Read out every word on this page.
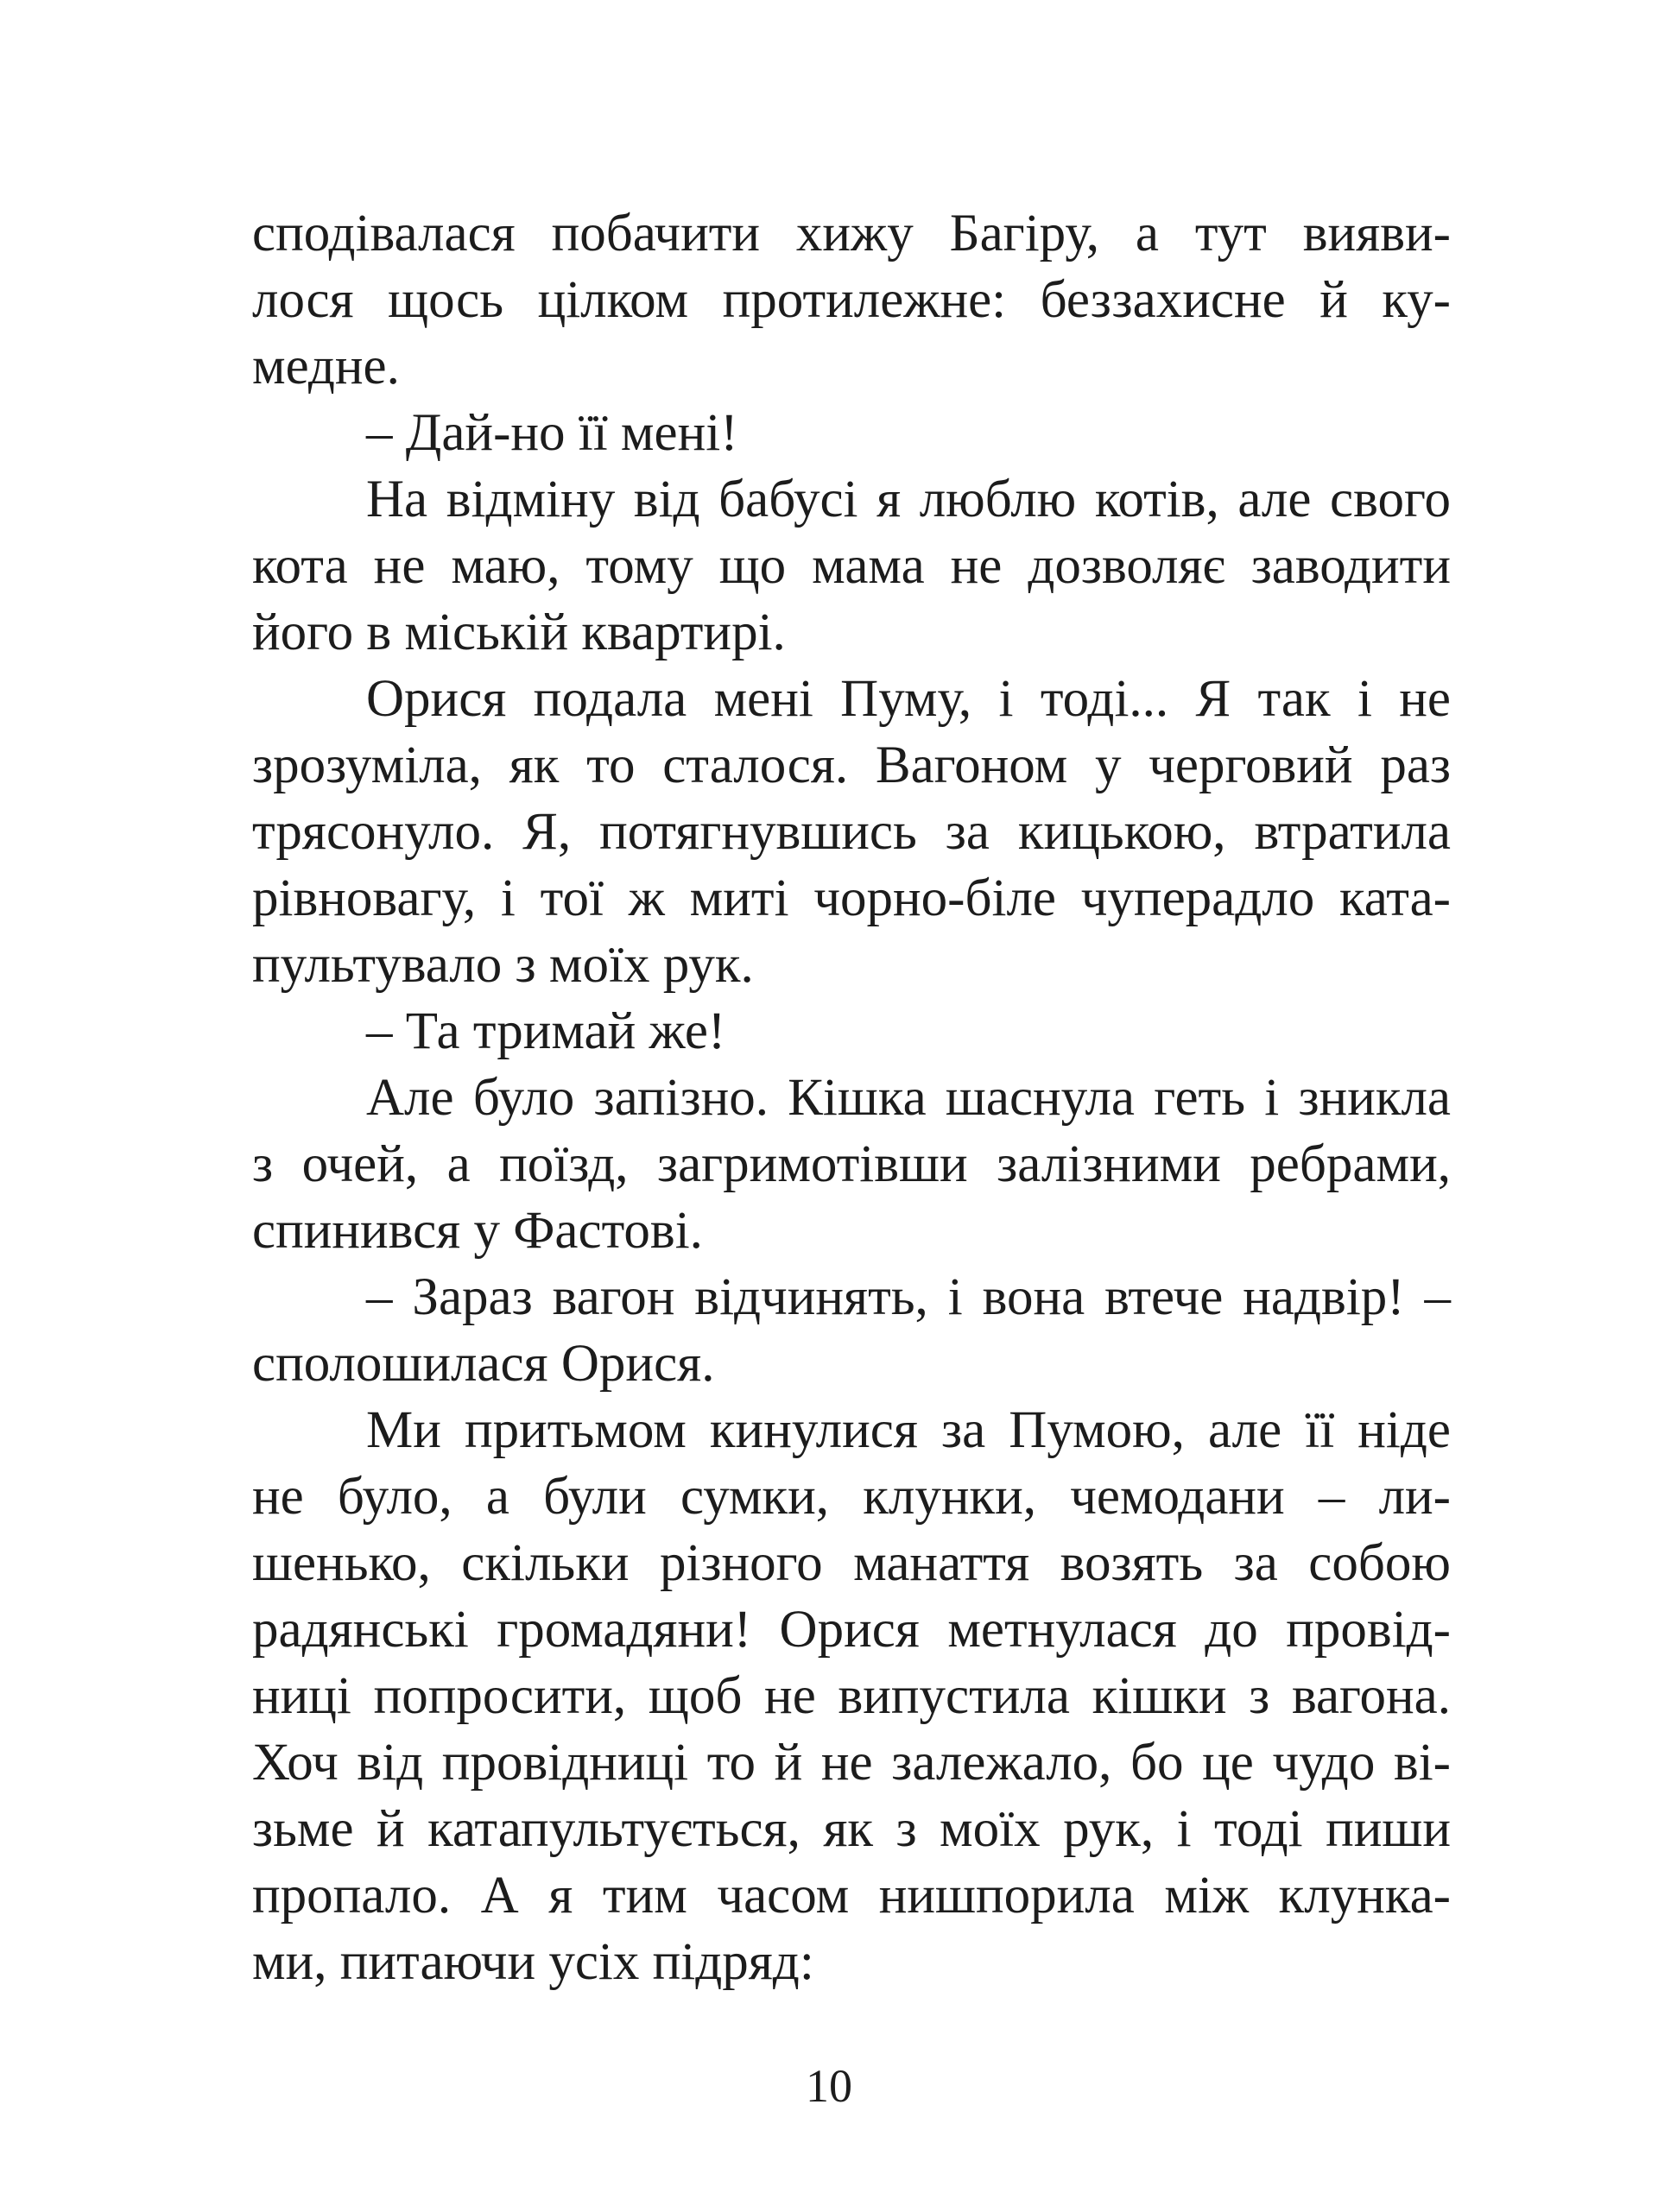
сподівалася побачити хижу Багіру, а тут вияви-
лося щось цілком протилежне: беззахисне й ку-
медне.
– Дай-но її мені!
На відміну від бабусі я люблю котів, але свого
кота не маю, тому що мама не дозволяє заводити
його в міській квартирі.
Орися подала мені Пуму, і тоді... Я так і не
зрозуміла, як то сталося. Вагоном у черговий раз
трясонуло. Я, потягнувшись за кицькою, втратила
рівновагу, і тої ж миті чорно-біле чуперадло ката-
пультувало з моїх рук.
– Та тримай же!
Але було запізно. Кішка шаснула геть і зникла
з очей, а поїзд, загримотівши залізними ребрами,
спинився у Фастові.
– Зараз вагон відчинять, і вона втече надвір! –
сполошилася Орися.
Ми притьмом кинулися за Пумою, але її ніде
не було, а були сумки, клунки, чемодани – ли-
шенько, скільки різного манаття возять за собою
радянські громадяни! Орися метнулася до провід-
ниці попросити, щоб не випустила кішки з вагона.
Хоч від провідниці то й не залежало, бо це чудо ві-
зьме й катапультується, як з моїх рук, і тоді пиши
пропало. А я тим часом нишпорила між клунка-
ми, питаючи усіх підряд:
10
